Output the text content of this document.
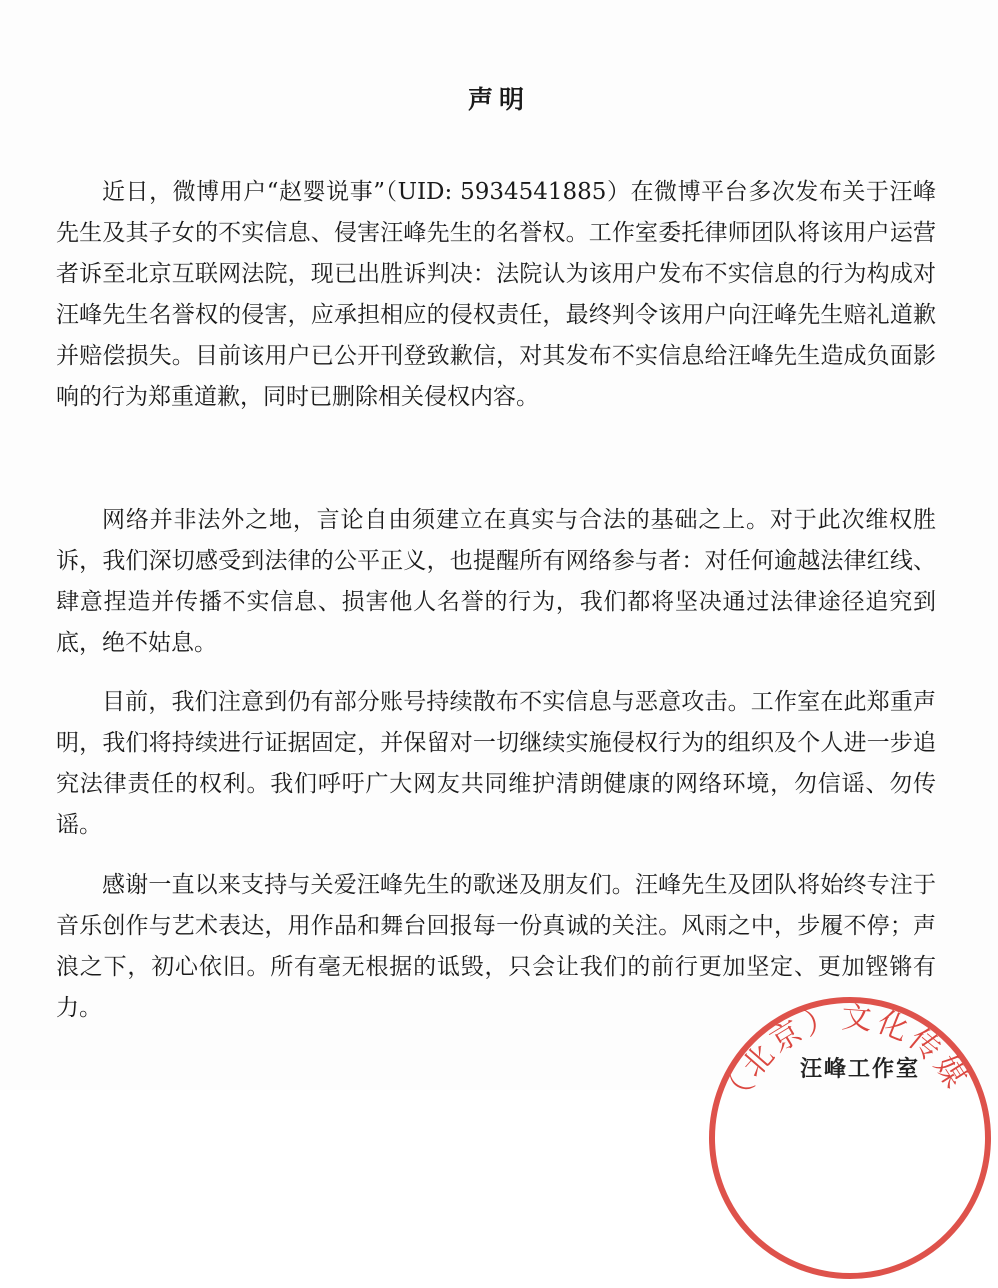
声明

近日，微博用户“赵婴说事”（UID: 5934541885）在微博平台多次发布关于汪峰先生及其子女的不实信息、侵害汪峰先生的名誉权。工作室委托律师团队将该用户运营者诉至北京互联网法院，现已出胜诉判决：法院认为该用户发布不实信息的行为构成对汪峰先生名誉权的侵害，应承担相应的侵权责任，最终判令该用户向汪峰先生赔礼道歉并赔偿损失。目前该用户已公开刊登致歉信，对其发布不实信息给汪峰先生造成负面影响的行为郑重道歉，同时已删除相关侵权内容。

网络并非法外之地，言论自由须建立在真实与合法的基础之上。对于此次维权胜诉，我们深切感受到法律的公平正义，也提醒所有网络参与者：对任何逾越法律红线、肆意捏造并传播不实信息、损害他人名誉的行为，我们都将坚决通过法律途径追究到底，绝不姑息。

目前，我们注意到仍有部分账号持续散布不实信息与恶意攻击。工作室在此郑重声明，我们将持续进行证据固定，并保留对一切继续实施侵权行为的组织及个人进一步追究法律责任的权利。我们呼吁广大网友共同维护清朗健康的网络环境，勿信谣、勿传谣。

感谢一直以来支持与关爱汪峰先生的歌迷及朋友们。汪峰先生及团队将始终专注于音乐创作与艺术表达，用作品和舞台回报每一份真诚的关注。风雨之中，步履不停；声浪之下，初心依旧。所有毫无根据的诋毁，只会让我们的前行更加坚定、更加铿锵有力。

（北京）文化传媒
汪峰工作室
